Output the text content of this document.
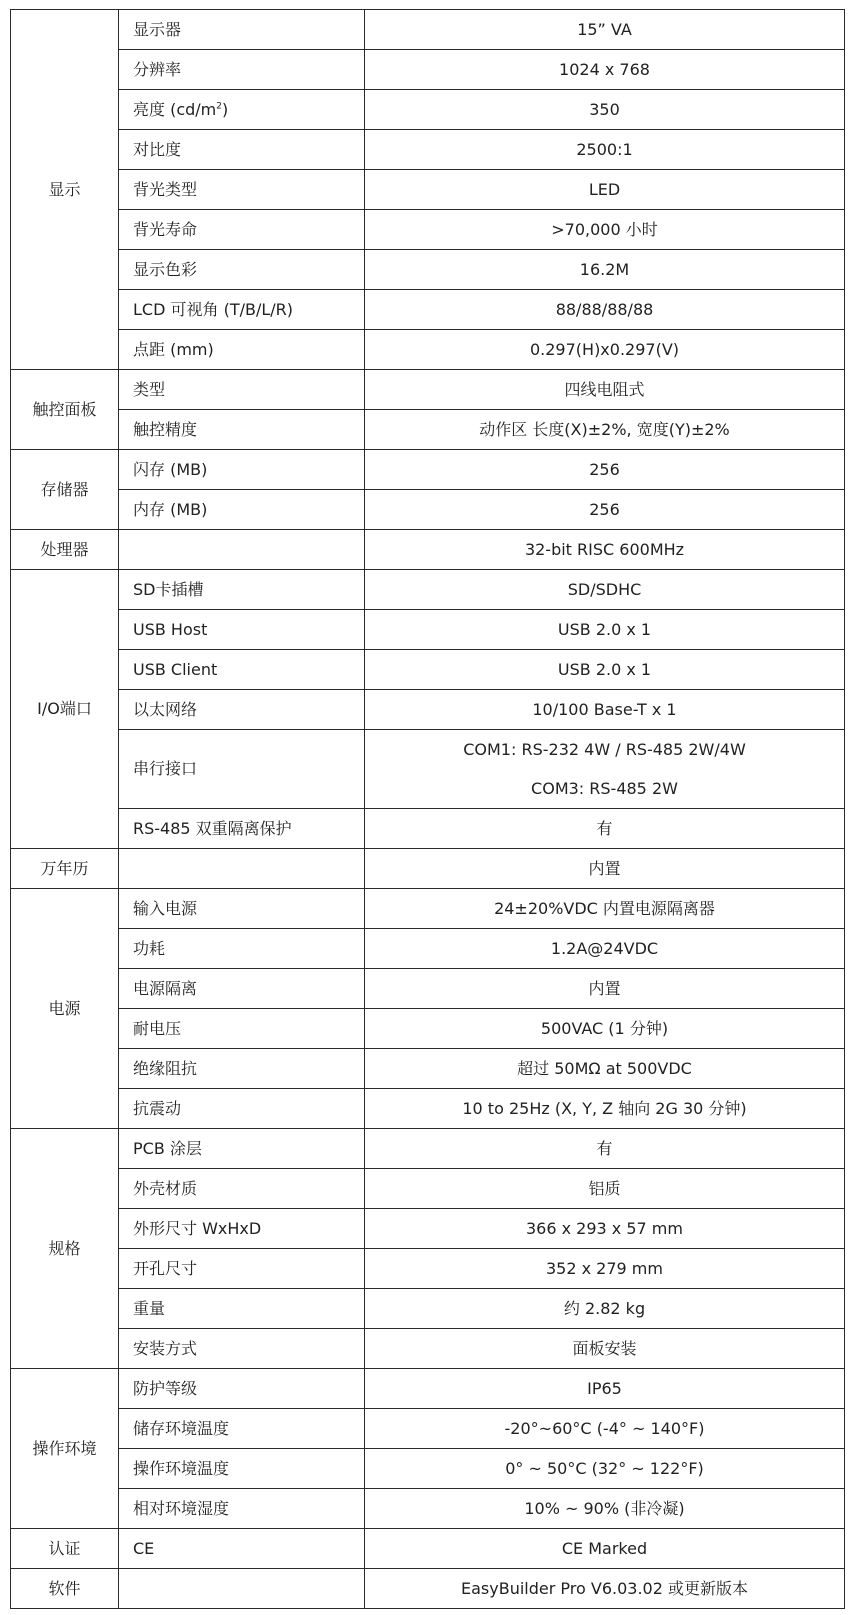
显示	显示器	15” VA
	分辨率	1024 x 768
	亮度 $(cd/m^2)$	350
	对比度	2500:1
	背光类型	LED
	背光寿命	>70,000 小时
	显示色彩	16.2M
	LCD 可视角 (T/B/L/R)	88/88/88/88
	点距 (mm)	0.297(H)x0.297(V)
触控面板	类型	四线电阻式
	触控精度	动作区 长度(X)±2%, 宽度(Y)±2%
存储器	闪存 (MB)	256
	内存 (MB)	256
处理器		32-bit RISC 600MHz
I/O端口	SD卡插槽	SD/SDHC
	USB Host	USB 2.0 x 1
	USB Client	USB 2.0 x 1
	以太网络	10/100 Base-T x 1
	串行接口	COM1: RS-232 4W / RS-485 2W/4W
COM3: RS-485 2W

	RS-485 双重隔离保护	有
万年历		内置
电源	输入电源	24±20%VDC 内置电源隔离器
	功耗	1.2A@24VDC
	电源隔离	内置
	耐电压	500VAC (1 分钟)
	绝缘阻抗	超过 50MΩ at 500VDC
	抗震动	10 to 25Hz (X, Y, Z 轴向 2G 30 分钟)
规格	PCB 涂层	有
	外壳材质	铝质
	外形尺寸 WxHxD	366 x 293 x 57 mm
	开孔尺寸	352 x 279 mm
	重量	约 2.82 kg
	安装方式	面板安装
操作环境	防护等级	IP65
	储存环境温度	-20°~60°C (-4° ~ 140°F)
	操作环境温度	0° ~ 50°C (32° ~ 122°F)
	相对环境湿度	10% ~ 90% (非冷凝)
认证	CE	CE Marked
软件		EasyBuilder Pro V6.03.02 或更新版本
